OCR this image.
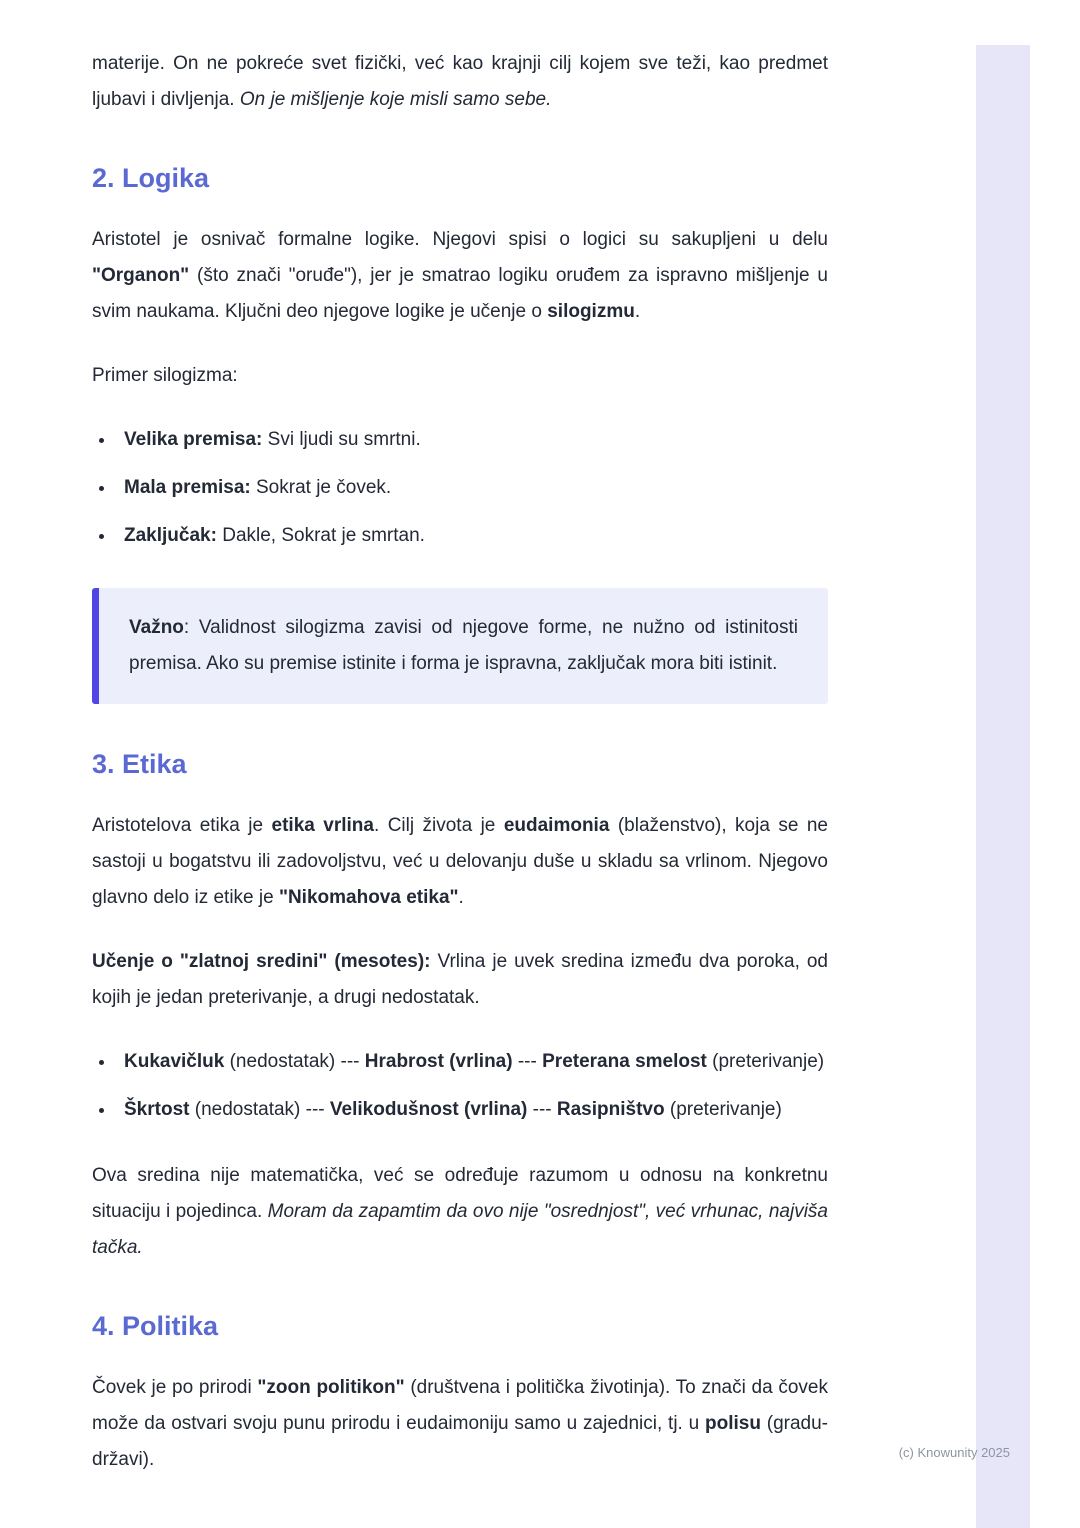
materije. On ne pokreće svet fizički, već kao krajnji cilj kojem sve teži, kao predmet ljubavi i divljenja. On je mišljenje koje misli samo sebe.

2. Logika

Aristotel je osnivač formalne logike. Njegovi spisi o logici su sakupljeni u delu "Organon" (što znači "oruđe"), jer je smatrao logiku oruđem za ispravno mišljenje u svim naukama. Ključni deo njegove logike je učenje o silogizmu.

Primer silogizma:

• Velika premisa: Svi ljudi su smrtni.
• Mala premisa: Sokrat je čovek.
• Zaključak: Dakle, Sokrat je smrtan.

Važno: Validnost silogizma zavisi od njegove forme, ne nužno od istinitosti premisa. Ako su premise istinite i forma je ispravna, zaključak mora biti istinit.

3. Etika

Aristotelova etika je etika vrlina. Cilj života je eudaimonia (blaženstvo), koja se ne sastoji u bogatstvu ili zadovoljstvu, već u delovanju duše u skladu sa vrlinom. Njegovo glavno delo iz etike je "Nikomahova etika".

Učenje o "zlatnoj sredini" (mesotes): Vrlina je uvek sredina između dva poroka, od kojih je jedan preterivanje, a drugi nedostatak.

• Kukavičluk (nedostatak) --- Hrabrost (vrlina) --- Preterana smelost (preterivanje)
• Škrtost (nedostatak) --- Velikodušnost (vrlina) --- Rasipništvo (preterivanje)

Ova sredina nije matematička, već se određuje razumom u odnosu na konkretnu situaciju i pojedinca. Moram da zapamtim da ovo nije "osrednjost", već vrhunac, najviša tačka.

4. Politika

Čovek je po prirodi "zoon politikon" (društvena i politička životinja). To znači da čovek može da ostvari svoju punu prirodu i eudaimoniju samo u zajednici, tj. u polisu (gradu-državi).	(c) Knowunity 2025
